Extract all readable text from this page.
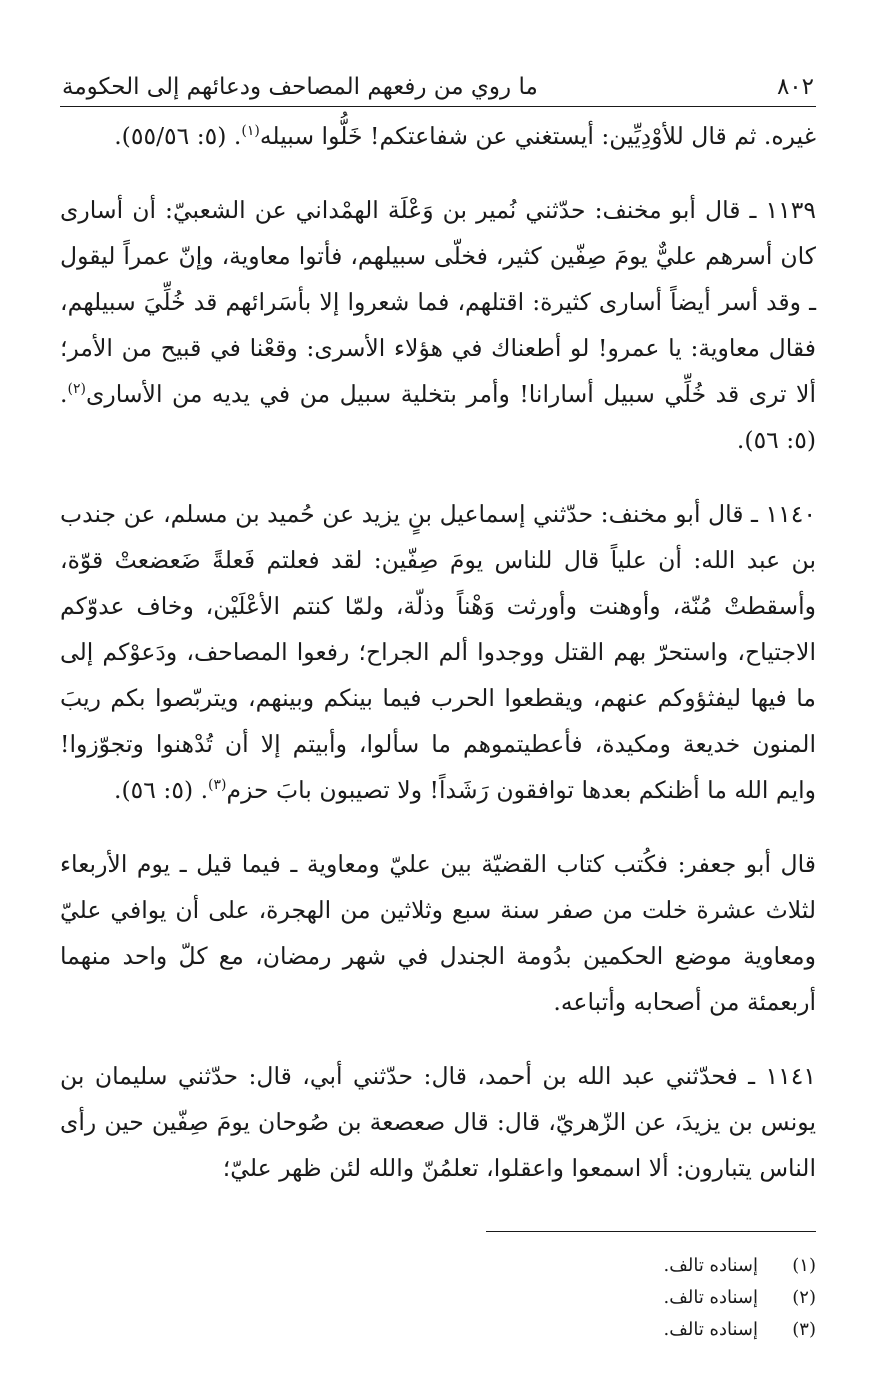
٨٠٢
ما روي من رفعهم المصاحف ودعائهم إلى الحكومة

غيره. ثم قال للأوْدِيِّين: أيستغني عن شفاعتكم! خَلُّوا سبيله$^{(١)}$. (٥: ٥٥/٥٦).

١١٣٩ ـ قال أبو مخنف: حدّثني نُمير بن وَعْلَة الهمْداني عن الشعبيّ: أن أسارى كان أسرهم عليٌّ يومَ صِفّين كثير، فخلّى سبيلهم، فأتوا معاوية، وإنّ عمراً ليقول ـ وقد أسر أيضاً أسارى كثيرة: اقتلهم، فما شعروا إلا بأسَرائهم قد خُلِّيَ سبيلهم، فقال معاوية: يا عمرو! لو أطعناك في هؤلاء الأسرى: وقعْنا في قبيح من الأمر؛ ألا ترى قد خُلِّي سبيل أسارانا! وأمر بتخلية سبيل من في يديه من الأسارى$^{(٢)}$. (٥: ٥٦).

١١٤٠ ـ قال أبو مخنف: حدّثني إسماعيل بنٍ يزيد عن حُميد بن مسلم، عن جندب بن عبد الله: أن علياً قال للناس يومَ صِفّين: لقد فعلتم فَعلةً ضَعضعتْ قوّة، وأسقطتْ مُنّة، وأوهنت وأورثت وَهْناً وذلّة، ولمّا كنتم الأعْلَيْن، وخاف عدوّكم الاجتياح، واستحرّ بهم القتل ووجدوا ألم الجراح؛ رفعوا المصاحف، ودَعوْكم إلى ما فيها ليفثؤوكم عنهم، ويقطعوا الحرب فيما بينكم وبينهم، ويتربّصوا بكم ريبَ المنون خديعة ومكيدة، فأعطيتموهم ما سألوا، وأبيتم إلا أن تُدْهنوا وتجوّزوا! وايم الله ما أظنكم بعدها توافقون رَشَداً! ولا تصيبون بابَ حزم$^{(٣)}$. (٥: ٥٦).

قال أبو جعفر: فكُتب كتاب القضيّة بين عليّ ومعاوية ـ فيما قيل ـ يوم الأربعاء لثلاث عشرة خلت من صفر سنة سبع وثلاثين من الهجرة، على أن يوافي عليّ ومعاوية موضع الحكمين بدُومة الجندل في شهر رمضان، مع كلّ واحد منهما أربعمئة من أصحابه وأتباعه.

١١٤١ ـ فحدّثني عبد الله بن أحمد، قال: حدّثني أبي، قال: حدّثني سليمان بن يونس بن يزيدَ، عن الزّهريّ، قال: قال صعصعة بن صُوحان يومَ صِفّين حين رأى الناس يتبارون: ألا اسمعوا واعقلوا، تعلمُنّ والله لئن ظهر عليّ؛

(١)
إسناده تالف.
(٢)
إسناده تالف.
(٣)
إسناده تالف.
